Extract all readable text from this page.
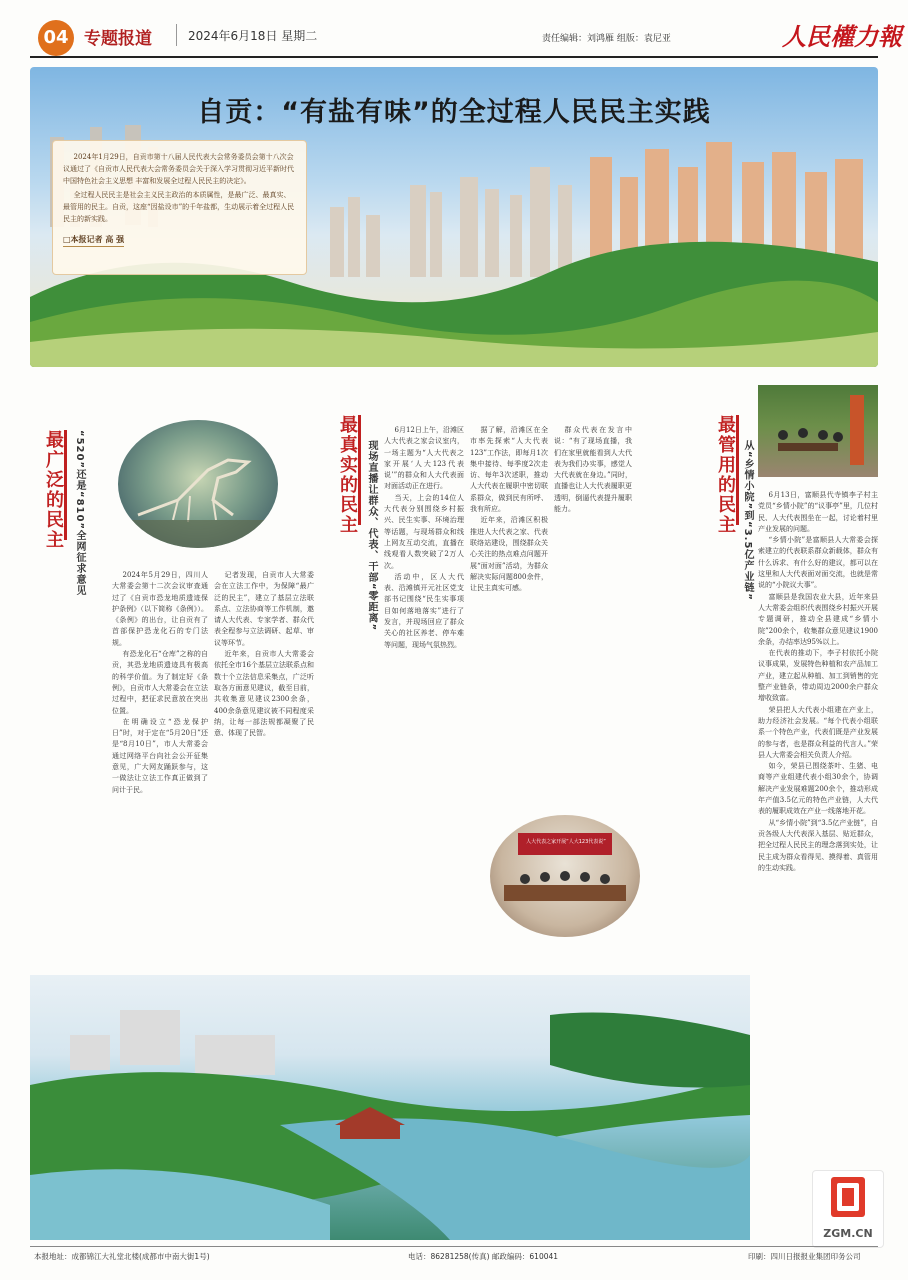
04 专题报道	2024年6月18日 星期二	责任编辑：刘鸿雁 组版：袁尼亚	人民權力報
自贡：“有盐有味”的全过程人民民主实践

2024年1月29日，自贡市第十八届人民代表大会常务委员会第十八次会议通过了《自贡市人民代表大会常务委员会关于深入学习贯彻习近平新时代中国特色社会主义思想 丰富和发展全过程人民民主的决定》。

全过程人民民主是社会主义民主政治的本质属性，是最广泛、最真实、最管用的民主。自贡，这座“因盐设市”的千年盐都，生动展示着全过程人民民主的新实践。

□本报记者 高 强
最广泛的民主 “520”还是“810”全网征求意见	2024年5月29日，四川人大常委会第十二次会议审查通过了《自贡市恐龙地质遗迹保护条例》（以下简称《条例》）。《条例》的出台，让自贡有了首部保护恐龙化石的专门法规。

有恐龙化石“仓库”之称的自贡，其恐龙地质遗迹具有极高的科学价值。为了制定好《条例》，自贡市人大常委会在立法过程中，把征求民意放在突出位置。

在明确设立“恐龙保护日”时，对于定在“5月20日”还是“8月10日”，市人大常委会通过网络平台向社会公开征集意见，广大网友踊跃参与，这一做法让立法工作真正做到了问计于民。

记者发现，自贡市人大常委会在立法工作中，为保障“最广泛的民主”，建立了基层立法联系点、立法协商等工作机制，邀请人大代表、专家学者、群众代表全程参与立法调研、起草、审议等环节。

近年来，自贡市人大常委会依托全市16个基层立法联系点和数十个立法信息采集点，广泛听取各方面意见建议，截至目前，共收集意见建议2300余条，400余条意见建议被不同程度采纳，让每一部法规都凝聚了民意、体现了民智。

最真实的民主 现场直播让群众、代表、干部“零距离”

6月12日上午，沿滩区人大代表之家会议室内，一场主题为“人大代表之家开展‘人大123代表说’”的群众和人大代表面对面活动正在进行。

当天，上会的14位人大代表分别围绕乡村振兴、民生实事、环境治理等话题，与现场群众和线上网友互动交流，直播在线观看人数突破了2万人次。

活动中，区人大代表、沿滩镇开元社区党支部书记围绕“民生实事项目如何落地落实”进行了发言，并现场回应了群众关心的社区养老、停车难等问题，现场气氛热烈。

据了解，沿滩区在全市率先探索“人大代表123”工作法，即每月1次集中接待、每季度2次走访、每年3次述职，推动人大代表在履职中密切联系群众，做到民有所呼、我有所应。

近年来，沿滩区积极推进人大代表之家、代表联络站建设，围绕群众关心关注的热点难点问题开展“面对面”活动，为群众解决实际问题800余件，让民主真实可感。

群众代表在发言中说：“有了现场直播，我们在家里就能看到人大代表为我们办实事，感觉人大代表就在身边。”同时，直播也让人大代表履职更透明，倒逼代表提升履职能力。

人大代表之家开展“人大123代表说”
最管用的民主 从“乡情小院”到“3.5亿产业链”	6月13日，富顺县代寺镇李子村主党员“乡情小院”的“议事亭”里，几位村民、人大代表围坐在一起，讨论着村里产业发展的问题。

“乡情小院”是富顺县人大常委会探索建立的代表联系群众新载体，群众有什么诉求、有什么好的建议，都可以在这里和人大代表面对面交流，也就是常说的“小院议大事”。

富顺县是我国农业大县，近年来县人大常委会组织代表围绕乡村振兴开展专题调研，推动全县建成“乡情小院”200余个，收集群众意见建议1900余条，办结率达95%以上。

在代表的推动下，李子村依托小院议事成果，发展特色种植和农产品加工产业，建立起从种植、加工到销售的完整产业链条，带动周边2000余户群众增收致富。

荣县把人大代表小组建在产业上，助力经济社会发展。“每个代表小组联系一个特色产业，代表们既是产业发展的参与者，也是群众利益的代言人。”荣县人大常委会相关负责人介绍。

如今，荣县已围绕茶叶、生猪、电商等产业组建代表小组30余个，协调解决产业发展难题200余个，推动形成年产值3.5亿元的特色产业链，人大代表的履职成效在产业一线落地开花。

从“乡情小院”到“3.5亿产业链”，自贡各级人大代表深入基层、贴近群众，把全过程人民民主的理念落到实处，让民主成为群众看得见、摸得着、真管用的生动实践。

ZGM.CN
本报地址：成都锦江大礼堂北楼(成都市中南大街1号)	电话：86281258(传真) 邮政编码：610041	印刷：四川日报报业集团印务公司
